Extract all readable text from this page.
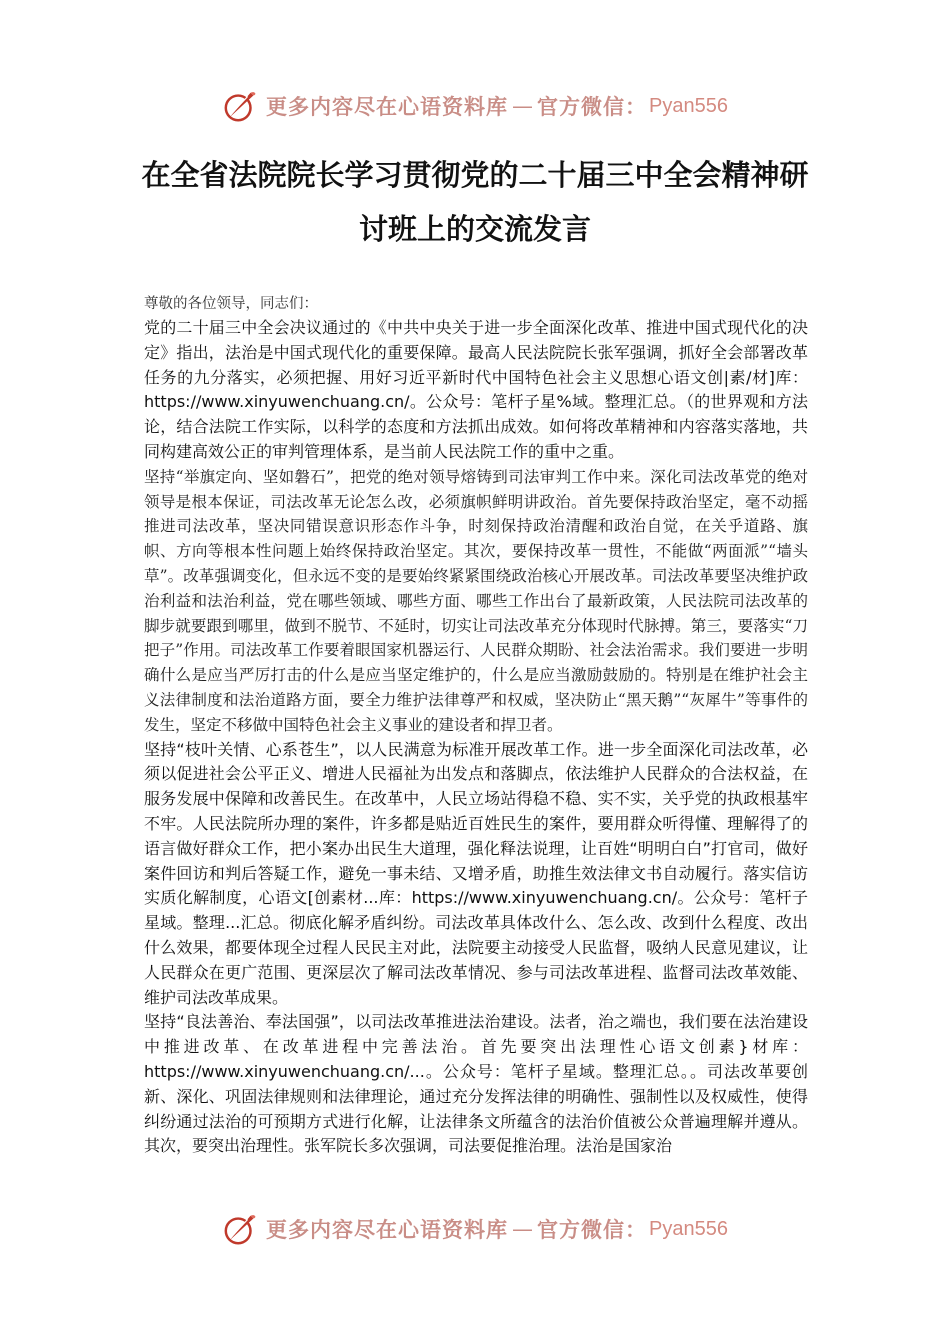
更多内容尽在心语资料库 — 官方微信： Pyan556
在全省法院院长学习贯彻党的二十届三中全会精神研
讨班上的交流发言
尊敬的各位领导，同志们：

党的二十届三中全会决议通过的《中共中央关于进一步全面深化改革、推进中国式现代化的决定》指出，法治是中国式现代化的重要保障。最高人民法院院长张军强调，抓好全会部署改革任务的九分落实，必须把握、用好习近平新时代中国特色社会主义思想心语文创|素/材]库：https://www.xinyuwenchuang.cn/。公众号：笔杆子星%域。整理汇总。（的世界观和方法论，结合法院工作实际，以科学的态度和方法抓出成效。如何将改革精神和内容落实落地，共同构建高效公正的审判管理体系，是当前人民法院工作的重中之重。

坚持“举旗定向、坚如磐石”，把党的绝对领导熔铸到司法审判工作中来。深化司法改革党的绝对领导是根本保证，司法改革无论怎么改，必须旗帜鲜明讲政治。首先要保持政治坚定，毫不动摇推进司法改革，坚决同错误意识形态作斗争，时刻保持政治清醒和政治自觉，在关乎道路、旗帜、方向等根本性问题上始终保持政治坚定。其次，要保持改革一贯性，不能做“两面派”“墙头草”。改革强调变化，但永远不变的是要始终紧紧围绕政治核心开展改革。司法改革要坚决维护政治利益和法治利益，党在哪些领域、哪些方面、哪些工作出台了最新政策，人民法院司法改革的脚步就要跟到哪里，做到不脱节、不延时，切实让司法改革充分体现时代脉搏。第三，要落实“刀把子”作用。司法改革工作要着眼国家机器运行、人民群众期盼、社会法治需求。我们要进一步明确什么是应当严厉打击的什么是应当坚定维护的，什么是应当激励鼓励的。特别是在维护社会主义法律制度和法治道路方面，要全力维护法律尊严和权威，坚决防止“黑天鹅”“灰犀牛”等事件的发生，坚定不移做中国特色社会主义事业的建设者和捍卫者。

坚持“枝叶关情、心系苍生”，以人民满意为标准开展改革工作。进一步全面深化司法改革，必须以促进社会公平正义、增进人民福祉为出发点和落脚点，依法维护人民群众的合法权益，在服务发展中保障和改善民生。在改革中，人民立场站得稳不稳、实不实，关乎党的执政根基牢不牢。人民法院所办理的案件，许多都是贴近百姓民生的案件，要用群众听得懂、理解得了的语言做好群众工作，把小案办出民生大道理，强化释法说理，让百姓“明明白白”打官司，做好案件回访和判后答疑工作，避免一事未结、又增矛盾，助推生效法律文书自动履行。落实信访实质化解制度，心语文[创素材...库：https://www.xinyuwenchuang.cn/。公众号：笔杆子星域。整理...汇总。彻底化解矛盾纠纷。司法改革具体改什么、怎么改、改到什么程度、改出什么效果，都要体现全过程人民民主对此，法院要主动接受人民监督，吸纳人民意见建议，让人民群众在更广范围、更深层次了解司法改革情况、参与司法改革进程、监督司法改革效能、维护司法改革成果。

坚持“良法善治、奉法国强”，以司法改革推进法治建设。法者，治之端也，我们要在法治建设中推进改革、在改革进程中完善法治。首先要突出法理性心语文创素}材库：https://www.xinyuwenchuang.cn/...。公众号：笔杆子星域。整理汇总。。司法改革要创新、深化、巩固法律规则和法律理论，通过充分发挥法律的明确性、强制性以及权威性，使得纠纷通过法治的可预期方式进行化解，让法律条文所蕴含的法治价值被公众普遍理解并遵从。其次，要突出治理性。张军院长多次强调，司法要促推治理。法治是国家治

更多内容尽在心语资料库 — 官方微信： Pyan556
